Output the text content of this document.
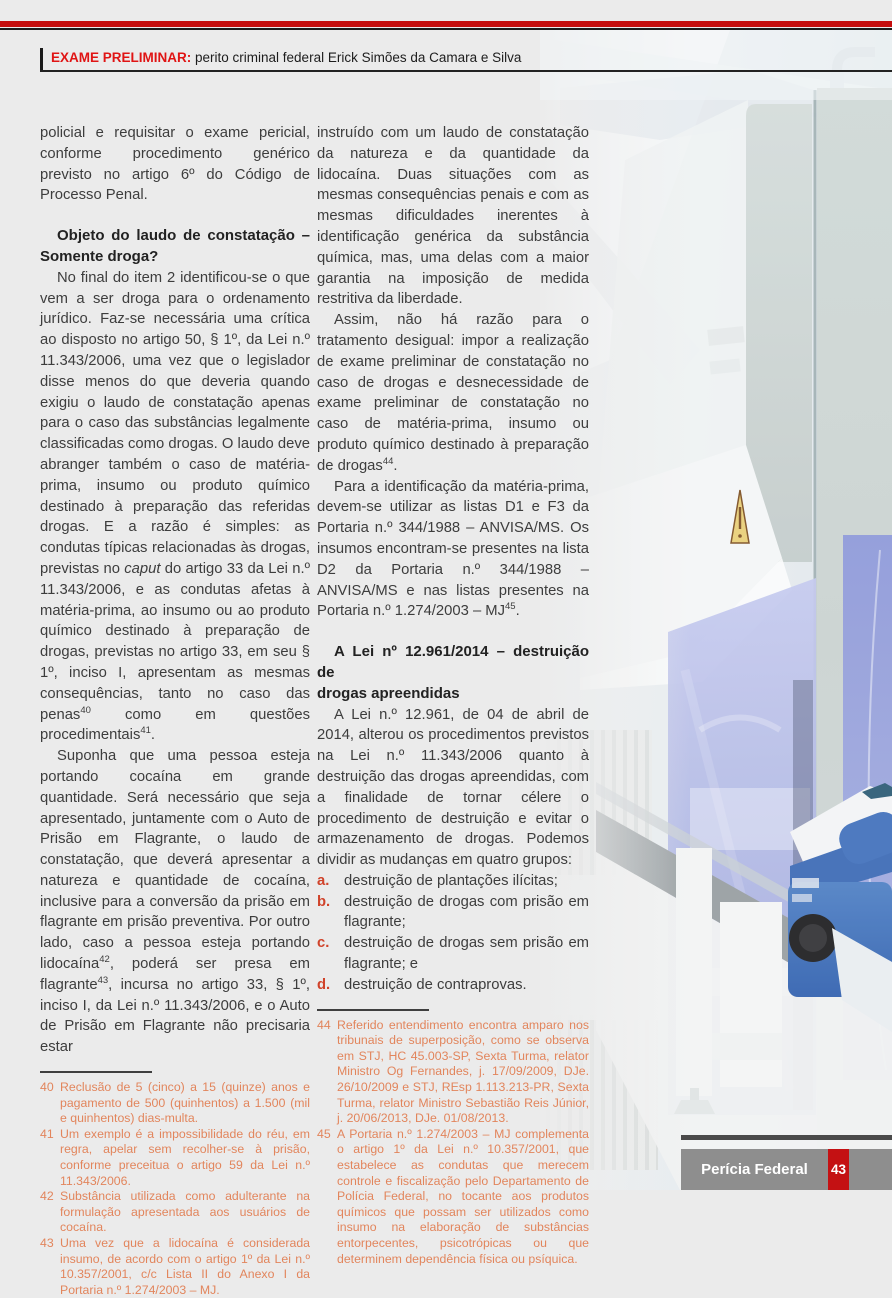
EXAME PRELIMINAR: perito criminal federal Erick Simões da Camara e Silva

policial e requisitar o exame pericial, conforme procedimento genérico previsto no artigo 6º do Código de Processo Penal.

Objeto do laudo de constatação –
Somente droga?

No final do item 2 identificou-se o que vem a ser droga para o ordenamento jurídico. Faz-se necessária uma crítica ao disposto no artigo 50, § 1º, da Lei n.º 11.343/2006, uma vez que o legislador disse menos do que deveria quando exigiu o laudo de constatação apenas para o caso das substâncias legalmente classificadas como drogas. O laudo deve abranger também o caso de matéria-prima, insumo ou produto químico destinado à preparação das referidas drogas. E a razão é simples: as condutas típicas relacionadas às drogas, previstas no caput do artigo 33 da Lei n.º 11.343/2006, e as condutas afetas à matéria-prima, ao insumo ou ao produto químico destinado à preparação de drogas, previstas no artigo 33, em seu § 1º, inciso I, apresentam as mesmas consequências, tanto no caso das penas$^{40}$ como em questões procedimentais$^{41}$.

Suponha que uma pessoa esteja portando cocaína em grande quantidade. Será necessário que seja apresentado, juntamente com o Auto de Prisão em Flagrante, o laudo de constatação, que deverá apresentar a natureza e quantidade de cocaína, inclusive para a conversão da prisão em flagrante em prisão preventiva. Por outro lado, caso a pessoa esteja portando lidocaína$^{42}$, poderá ser presa em flagrante$^{43}$, incursa no artigo 33, § 1º, inciso I, da Lei n.º 11.343/2006, e o Auto de Prisão em Flagrante não precisaria estar

40 Reclusão de 5 (cinco) a 15 (quinze) anos e pagamento de 500 (quinhentos) a 1.500 (mil e quinhentos) dias-multa.
41 Um exemplo é a impossibilidade do réu, em regra, apelar sem recolher-se à prisão, conforme preceitua o artigo 59 da Lei n.º 11.343/2006.
42 Substância utilizada como adulterante na formulação apresentada aos usuários de cocaína.
43 Uma vez que a lidocaína é considerada insumo, de acordo com o artigo 1º da Lei n.º 10.357/2001, c/c Lista II do Anexo I da Portaria n.º 1.274/2003 – MJ.

instruído com um laudo de constatação da natureza e da quantidade da lidocaína. Duas situações com as mesmas consequências penais e com as mesmas dificuldades inerentes à identificação genérica da substância química, mas, uma delas com a maior garantia na imposição de medida restritiva da liberdade.

Assim, não há razão para o tratamento desigual: impor a realização de exame preliminar de constatação no caso de drogas e desnecessidade de exame preliminar de constatação no caso de matéria-prima, insumo ou produto químico destinado à preparação de drogas$^{44}$.

Para a identificação da matéria-prima, devem-se utilizar as listas D1 e F3 da Portaria n.º 344/1988 – ANVISA/MS. Os insumos encontram-se presentes na lista D2 da Portaria n.º 344/1988 – ANVISA/MS e nas listas presentes na Portaria n.º 1.274/2003 – MJ$^{45}$.

A Lei nº 12.961/2014 – destruição de
drogas apreendidas

A Lei n.º 12.961, de 04 de abril de 2014, alterou os procedimentos previstos na Lei n.º 11.343/2006 quanto à destruição das drogas apreendidas, com a finalidade de tornar célere o procedimento de destruição e evitar o armazenamento de drogas. Podemos dividir as mudanças em quatro grupos:

a. destruição de plantações ilícitas;
b. destruição de drogas com prisão em flagrante;
c. destruição de drogas sem prisão em flagrante; e
d. destruição de contraprovas.
44 Referido entendimento encontra amparo nos tribunais de superposição, como se observa em STJ, HC 45.003-SP, Sexta Turma, relator Ministro Og Fernandes, j. 17/09/2009, DJe. 26/10/2009 e STJ, REsp 1.113.213-PR, Sexta Turma, relator Ministro Sebastião Reis Júnior, j. 20/06/2013, DJe. 01/08/2013.
45 A Portaria n.º 1.274/2003 – MJ complementa o artigo 1º da Lei n.º 10.357/2001, que estabelece as condutas que merecem controle e fiscalização pelo Departamento de Polícia Federal, no tocante aos produtos químicos que possam ser utilizados como insumo na elaboração de substâncias entorpecentes, psicotrópicas ou que determinem dependência física ou psíquica.
Perícia Federal	43
